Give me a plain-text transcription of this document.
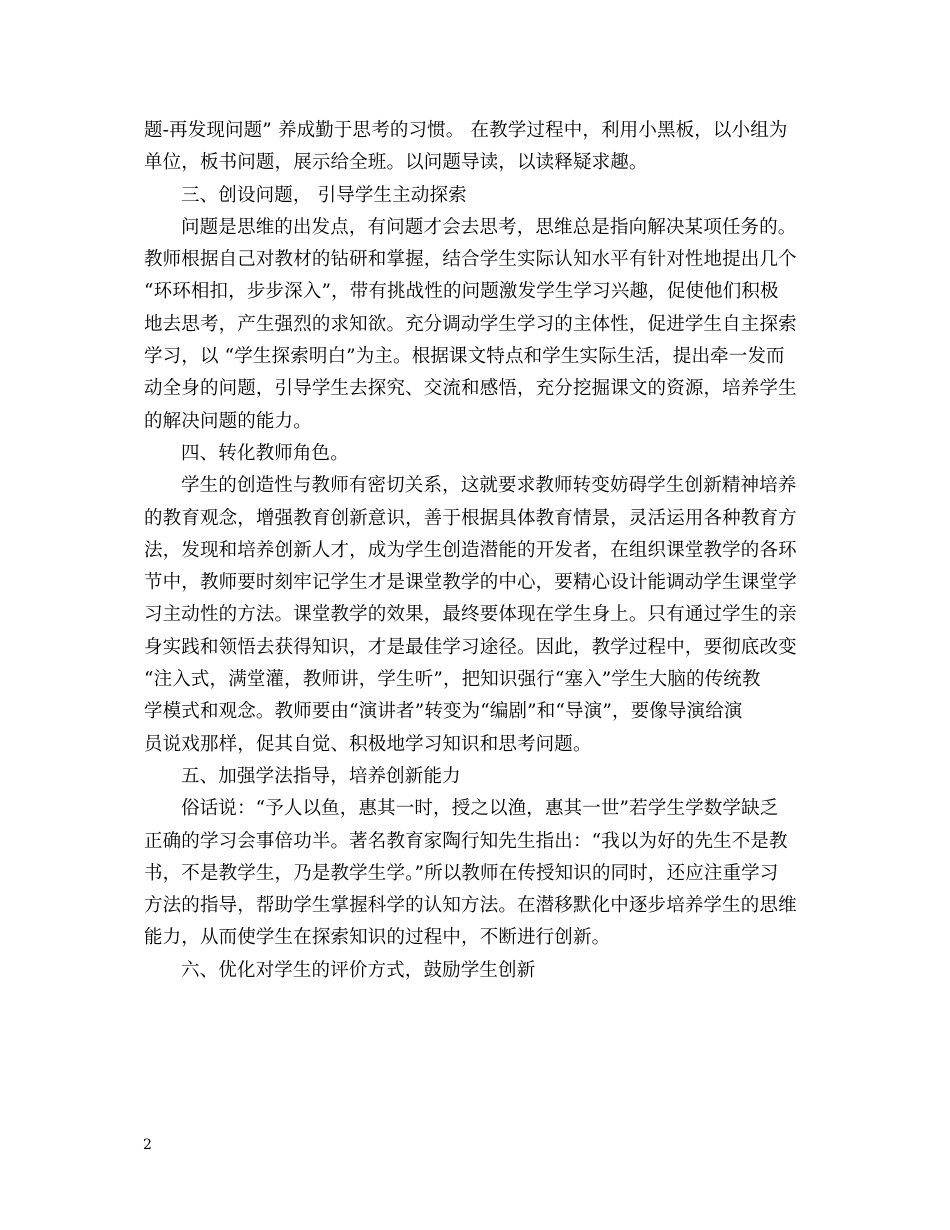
题-再发现问题” 养成勤于思考的习惯。 在教学过程中，利用小黑板，以小组为
单位，板书问题，展示给全班。以问题导读，以读释疑求趣。
三、创设问题， 引导学生主动探索
问题是思维的出发点，有问题才会去思考，思维总是指向解决某项任务的。
教师根据自己对教材的钻研和掌握，结合学生实际认知水平有针对性地提出几个
“环环相扣，步步深入”，带有挑战性的问题激发学生学习兴趣，促使他们积极
地去思考，产生强烈的求知欲。充分调动学生学习的主体性，促进学生自主探索
学习，以 “学生探索明白”为主。根据课文特点和学生实际生活，提出牵一发而
动全身的问题，引导学生去探究、交流和感悟，充分挖掘课文的资源，培养学生
的解决问题的能力。
四、转化教师角色。
学生的创造性与教师有密切关系，这就要求教师转变妨碍学生创新精神培养
的教育观念，增强教育创新意识，善于根据具体教育情景，灵活运用各种教育方
法，发现和培养创新人才，成为学生创造潜能的开发者，在组织课堂教学的各环
节中，教师要时刻牢记学生才是课堂教学的中心，要精心设计能调动学生课堂学
习主动性的方法。课堂教学的效果，最终要体现在学生身上。只有通过学生的亲
身实践和领悟去获得知识，才是最佳学习途径。因此，教学过程中，要彻底改变
“注入式，满堂灌，教师讲，学生听”，把知识强行“塞入”学生大脑的传统教
学模式和观念。教师要由“演讲者”转变为“编剧”和“导演”，要像导演给演
员说戏那样，促其自觉、积极地学习知识和思考问题。
五、加强学法指导，培养创新能力
俗话说：“予人以鱼，惠其一时，授之以渔，惠其一世”若学生学数学缺乏
正确的学习会事倍功半。著名教育家陶行知先生指出：“我以为好的先生不是教
书，不是教学生，乃是教学生学。”所以教师在传授知识的同时，还应注重学习
方法的指导，帮助学生掌握科学的认知方法。在潜移默化中逐步培养学生的思维
能力，从而使学生在探索知识的过程中，不断进行创新。
六、优化对学生的评价方式，鼓励学生创新
2
